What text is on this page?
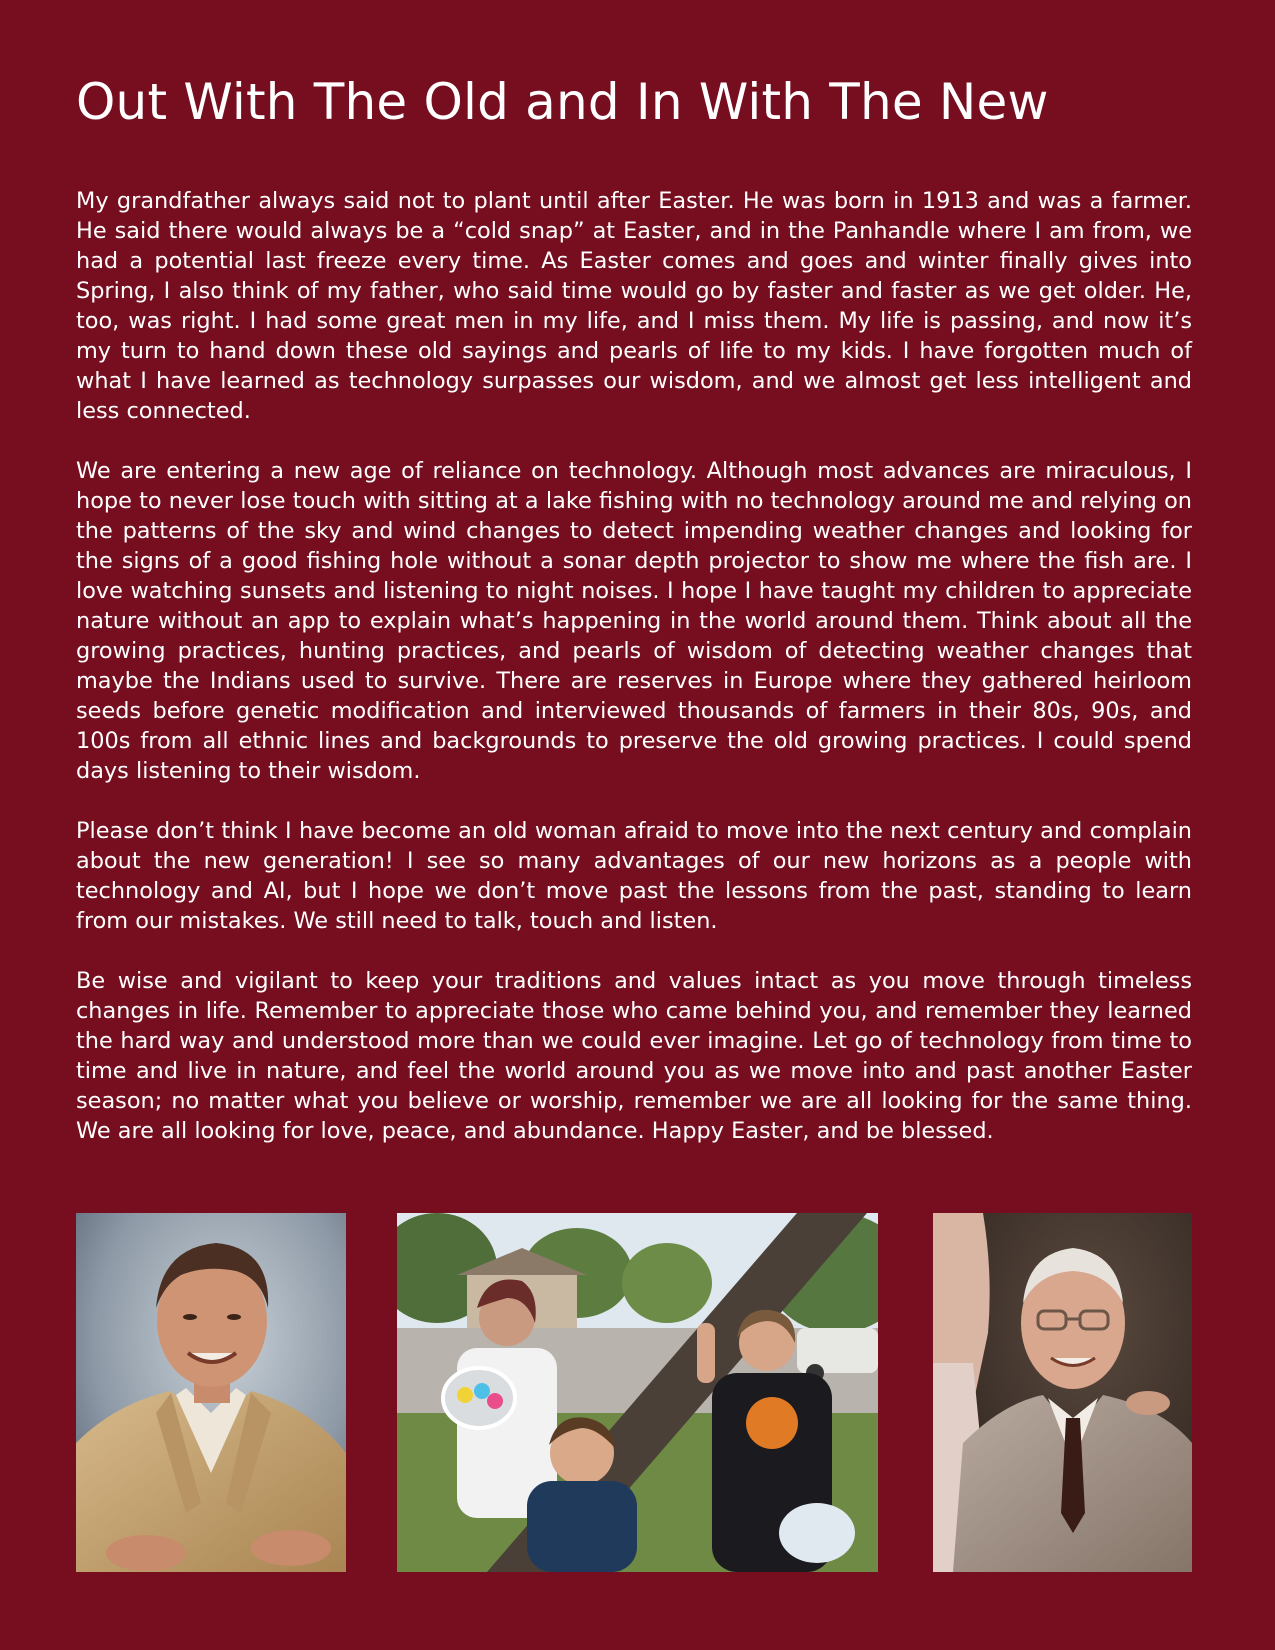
Out With The Old and In With The New

My grandfather always said not to plant until after Easter. He was born in 1913 and was a farmer. He said there would always be a “cold snap” at Easter, and in the Panhandle where I am from, we had a potential last freeze every time. As Easter comes and goes and winter finally gives into Spring, I also think of my father, who said time would go by faster and faster as we get older. He, too, was right. I had some great men in my life, and I miss them. My life is passing, and now it’s my turn to hand down these old sayings and pearls of life to my kids. I have forgotten much of what I have learned as technology surpasses our wisdom, and we almost get less intelligent and less connected.

We are entering a new age of reliance on technology. Although most advances are miraculous, I hope to never lose touch with sitting at a lake fishing with no technology around me and relying on the patterns of the sky and wind changes to detect impending weather changes and looking for the signs of a good fishing hole without a sonar depth projector to show me where the fish are. I love watching sunsets and listening to night noises. I hope I have taught my children to appreciate nature without an app to explain what’s happening in the world around them. Think about all the growing practices, hunting practices, and pearls of wisdom of detecting weather changes that maybe the Indians used to survive. There are reserves in Europe where they gathered heirloom seeds before genetic modification and interviewed thousands of farmers in their 80s, 90s, and 100s from all ethnic lines and backgrounds to preserve the old growing practices. I could spend days listening to their wisdom.

Please don’t think I have become an old woman afraid to move into the next century and complain about the new generation! I see so many advantages of our new horizons as a people with technology and AI, but I hope we don’t move past the lessons from the past, standing to learn from our mistakes. We still need to talk, touch and listen.

Be wise and vigilant to keep your traditions and values intact as you move through timeless changes in life. Remember to appreciate those who came behind you, and remember they learned the hard way and understood more than we could ever imagine. Let go of technology from time to time and live in nature, and feel the world around you as we move into and past another Easter season; no matter what you believe or worship, remember we are all looking for the same thing. We are all looking for love, peace, and abundance. Happy Easter, and be blessed.
